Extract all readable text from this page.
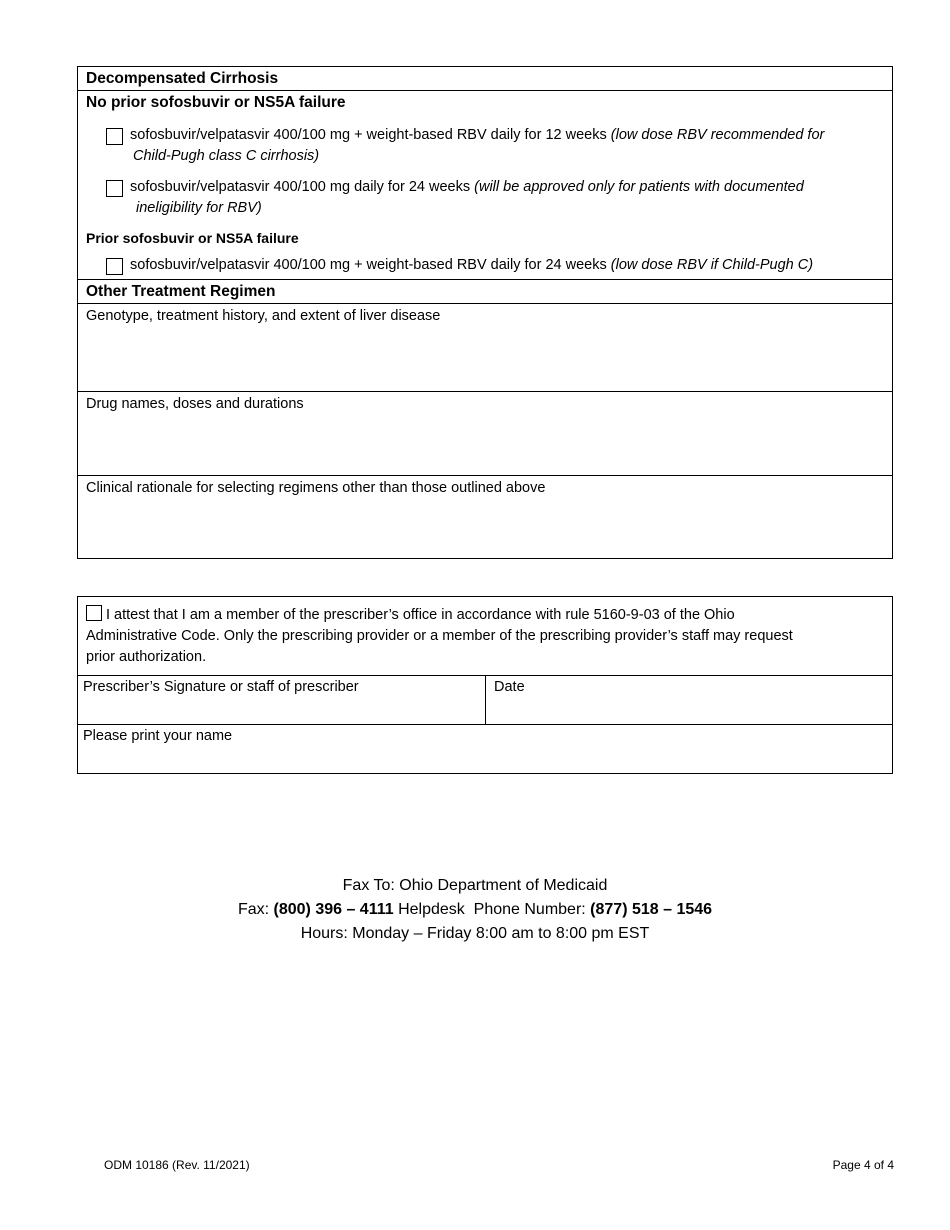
Decompensated Cirrhosis
No prior sofosbuvir or NS5A failure
sofosbuvir/velpatasvir 400/100 mg + weight-based RBV daily for 12 weeks (low dose RBV recommended for
Child-Pugh class C cirrhosis)
sofosbuvir/velpatasvir 400/100 mg daily for 24 weeks (will be approved only for patients with documented
ineligibility for RBV)
Prior sofosbuvir or NS5A failure
sofosbuvir/velpatasvir 400/100 mg + weight-based RBV daily for 24 weeks (low dose RBV if Child-Pugh C)
Other Treatment Regimen
Genotype, treatment history, and extent of liver disease
Drug names, doses and durations
Clinical rationale for selecting regimens other than those outlined above
I attest that I am a member of the prescriber’s office in accordance with rule 5160-9-03 of the Ohio
Administrative Code. Only the prescribing provider or a member of the prescribing provider’s staff may request
prior authorization.
Prescriber’s Signature or staff of prescriber	Date
Please print your name
Fax To: Ohio Department of Medicaid
Fax: (800) 396 – 4111 Helpdesk  Phone Number: (877) 518 – 1546
Hours: Monday – Friday 8:00 am to 8:00 pm EST
ODM 10186 (Rev. 11/2021)	Page 4 of 4
